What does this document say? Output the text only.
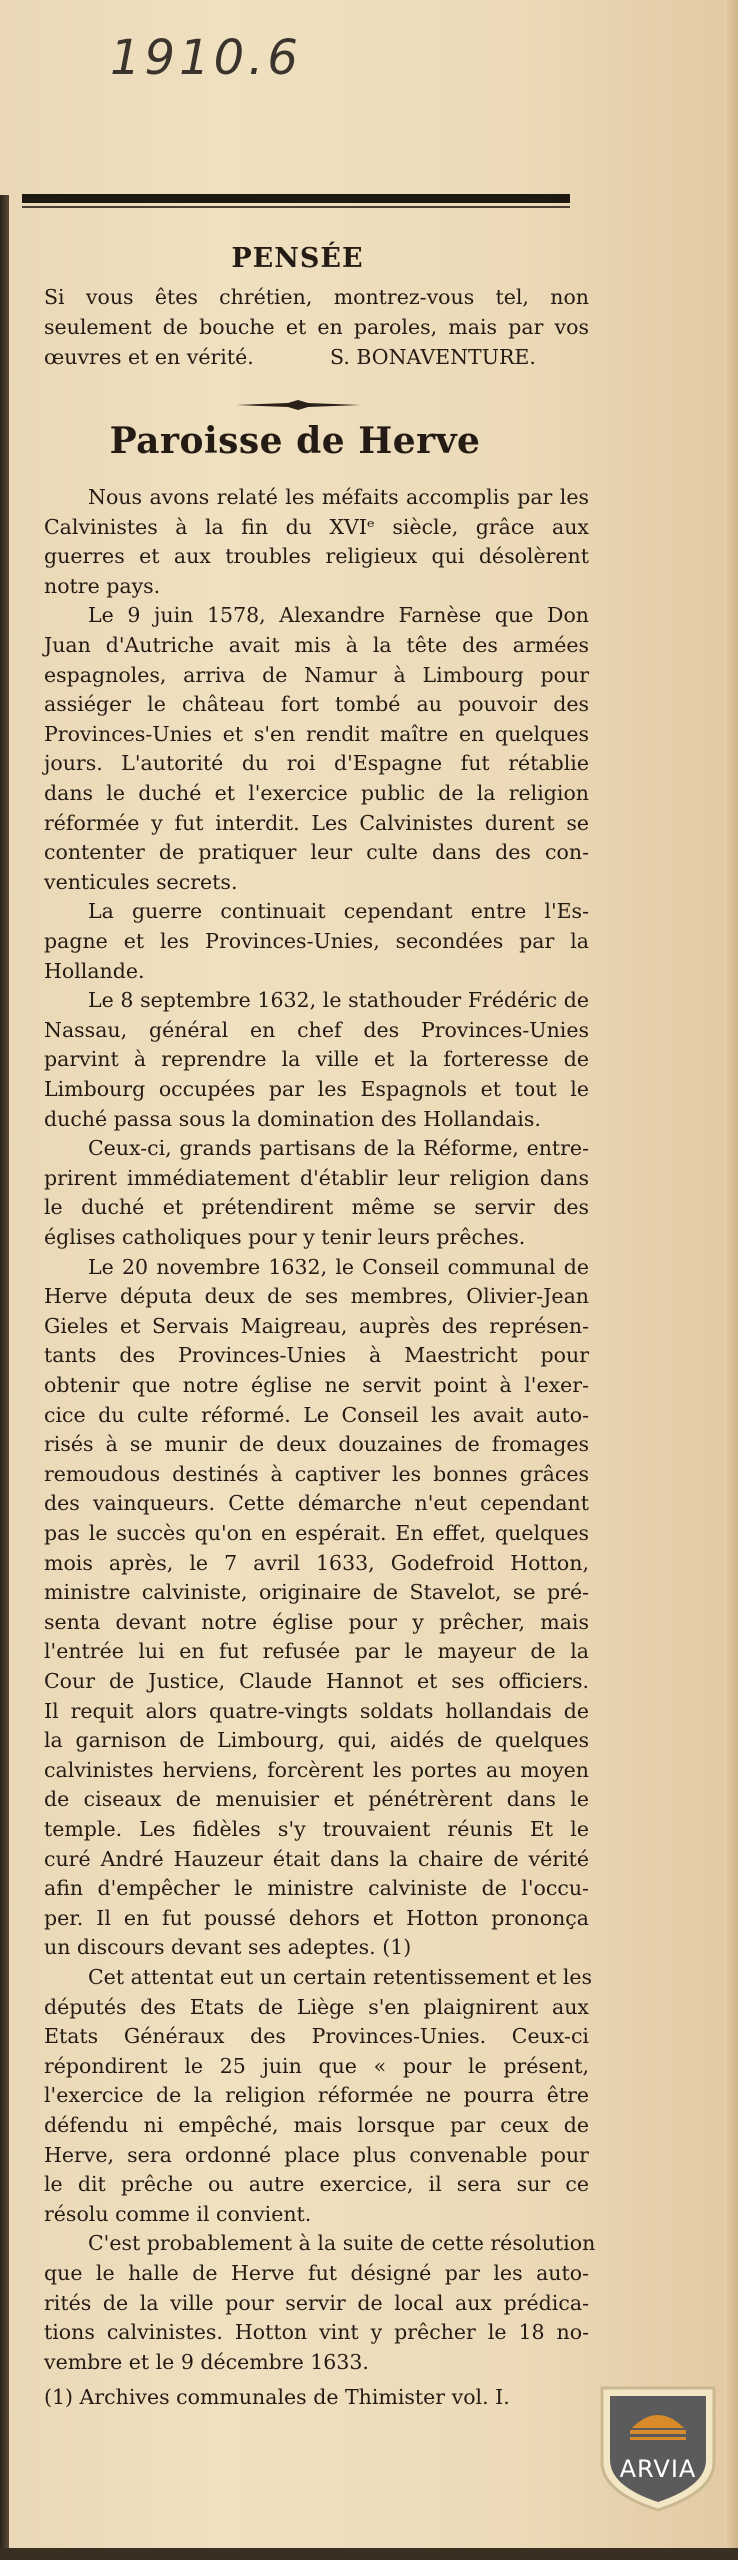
1910.6
PENSÉE
Si vous êtes chrétien, montrez-vous tel, non
seulement de bouche et en paroles, mais par vos
œuvres et en vérité.	S. BONAVENTURE.
Paroisse de Herve
Nous avons relaté les méfaits accomplis par les
Calvinistes à la fin du XVIᵉ siècle, grâce aux
guerres et aux troubles religieux qui désolèrent
notre pays.
Le 9 juin 1578, Alexandre Farnèse que Don
Juan d'Autriche avait mis à la tête des armées
espagnoles, arriva de Namur à Limbourg pour
assiéger le château fort tombé au pouvoir des
Provinces-Unies et s'en rendit maître en quelques
jours. L'autorité du roi d'Espagne fut rétablie
dans le duché et l'exercice public de la religion
réformée y fut interdit. Les Calvinistes durent se
contenter de pratiquer leur culte dans des con-
venticules secrets.
La guerre continuait cependant entre l'Es-
pagne et les Provinces-Unies, secondées par la
Hollande.
Le 8 septembre 1632, le stathouder Frédéric de
Nassau, général en chef des Provinces-Unies
parvint à reprendre la ville et la forteresse de
Limbourg occupées par les Espagnols et tout le
duché passa sous la domination des Hollandais.
Ceux-ci, grands partisans de la Réforme, entre-
prirent immédiatement d'établir leur religion dans
le duché et prétendirent même se servir des
églises catholiques pour y tenir leurs prêches.
Le 20 novembre 1632, le Conseil communal de
Herve députa deux de ses membres, Olivier-Jean
Gieles et Servais Maigreau, auprès des représen-
tants des Provinces-Unies à Maestricht pour
obtenir que notre église ne servit point à l'exer-
cice du culte réformé. Le Conseil les avait auto-
risés à se munir de deux douzaines de fromages
remoudous destinés à captiver les bonnes grâces
des vainqueurs. Cette démarche n'eut cependant
pas le succès qu'on en espérait. En effet, quelques
mois après, le 7 avril 1633, Godefroid Hotton,
ministre calviniste, originaire de Stavelot, se pré-
senta devant notre église pour y prêcher, mais
l'entrée lui en fut refusée par le mayeur de la
Cour de Justice, Claude Hannot et ses officiers.
Il requit alors quatre-vingts soldats hollandais de
la garnison de Limbourg, qui, aidés de quelques
calvinistes herviens, forcèrent les portes au moyen
de ciseaux de menuisier et pénétrèrent dans le
temple. Les fidèles s'y trouvaient réunis Et le
curé André Hauzeur était dans la chaire de vérité
afin d'empêcher le ministre calviniste de l'occu-
per. Il en fut poussé dehors et Hotton prononça
un discours devant ses adeptes. (1)
Cet attentat eut un certain retentissement et les
députés des Etats de Liège s'en plaignirent aux
Etats Généraux des Provinces-Unies. Ceux-ci
répondirent le 25 juin que « pour le présent,
l'exercice de la religion réformée ne pourra être
défendu ni empêché, mais lorsque par ceux de
Herve, sera ordonné place plus convenable pour
le dit prêche ou autre exercice, il sera sur ce
résolu comme il convient.
C'est probablement à la suite de cette résolution
que le halle de Herve fut désigné par les auto-
rités de la ville pour servir de local aux prédica-
tions calvinistes. Hotton vint y prêcher le 18 no-
vembre et le 9 décembre 1633.
(1) Archives communales de Thimister vol. I.
ARVIA
